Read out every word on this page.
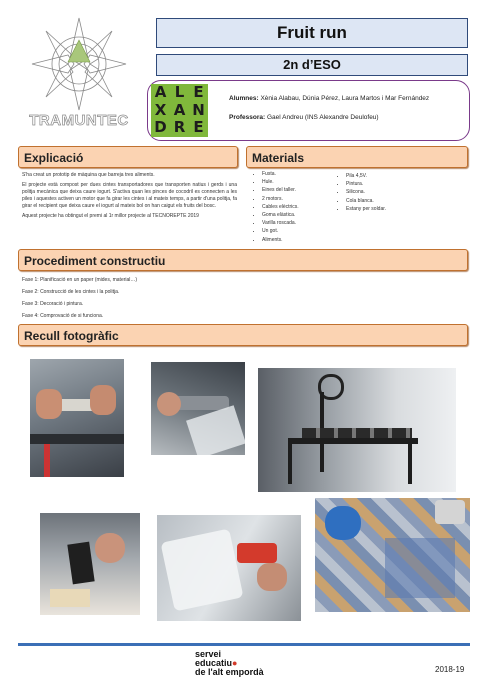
TRAMUNTEC
Fruit run
2n d’ESO
A L E
X A N
D R E
Alumnes: Xènia Alabau, Dúnia Pérez, Laura Martos i Mar Fernández
Professora: Gael Andreu (INS Alexandre Deulofeu)
Explicació
S'ha creat un prototip de màquina que barreja tres aliments.
El projecte està compost per dues cintes transportadores que transporten natius i gerds i una politja mecànica que deixa caure iogurt. S'activa quan les pinces de cocodril es connecten a les piles i aquestes activen un motor que fa girar les cintes i al mateix temps, a partir d'una politja, fa girar el recipient que deixa caure el iogurt al mateix bol on han caigut els fruits del bosc.
Aquest projecte ha obtingut el premi al 1r millor projecte al TECNOREPTE 2019
Materials
• Fusta.
• Hule.
• Eines del taller.
• 2 motors.
• Cables elèctrics.
• Goma elàstica.
• Varilla roscada.
• Un got.
• Aliments.
• Pila 4,5V.
• Pintura.
• Silicona.
• Cola blanca.
• Estany per soldar.
Procediment constructiu
Fase 1: Planificació en un paper (mides, material…)
Fase 2: Construcció de les cintes i la politja.
Fase 3: Decoració i pintura.
Fase 4: Comprovació de si funciona.
Recull fotogràfic
servei
educatiu●
de l'alt empordà	2018-19
